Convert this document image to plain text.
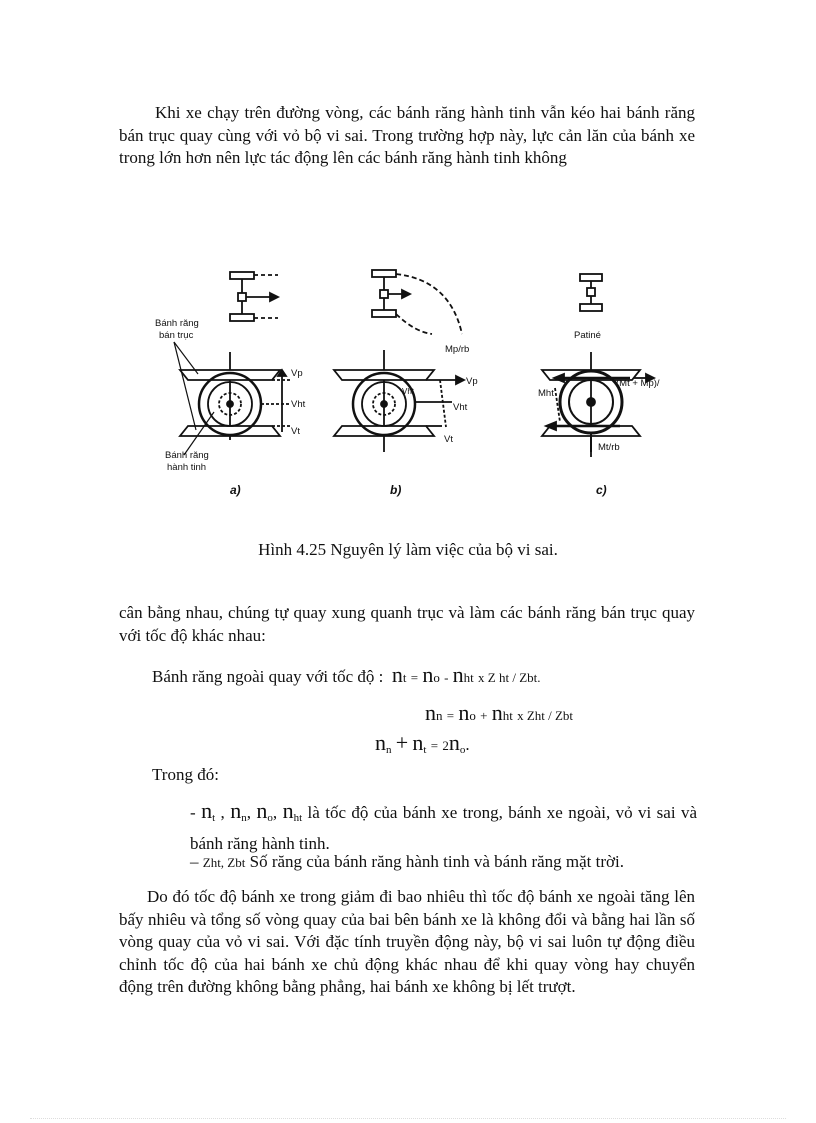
Khi xe chạy trên đường vòng, các bánh răng hành tinh vẫn kéo hai bánh răng bán trục quay cùng với vỏ bộ vi sai. Trong trường hợp này, lực cản lăn của bánh xe trong lớn hơn nên lực tác động lên các bánh răng hành tinh không

Bánh răng
bán trục
Bánh răng
hành tinh
Vp
Vht
Vt
Mp/rb
Vp
Vht
Vht
Vt
Patiné
Mht
(Mt + Mp)/
Mt/rb
a)	b)	c)
Hình 4.25 Nguyên lý làm việc của bộ vi sai.

cân bằng nhau, chúng tự quay xung quanh trục và làm các bánh răng bán trục quay với tốc độ khác nhau:

Bánh răng ngoài quay với tốc độ : nt = no - nht x Z ht / Zbt.
nn = no + nht x Zht / Zbt
$n_n + n_t = 2n_o$.
Trong đó:
- $n_t$ , $n_n$, $n_o$, $n_{ht}$ là tốc độ của bánh xe trong, bánh xe ngoài, vỏ vi sai và bánh răng hành tinh.
– Zht, Zbt Số răng của bánh răng hành tinh và bánh răng mặt trời.

Do đó tốc độ bánh xe trong giảm đi bao nhiêu thì tốc độ bánh xe ngoài tăng lên bấy nhiêu và tổng số vòng quay của bai bên bánh xe là không đổi và bằng hai lần số vòng quay của vỏ vi sai. Với đặc tính truyền động này, bộ vi sai luôn tự động điều chỉnh tốc độ của hai bánh xe chủ động khác nhau để khi quay vòng hay chuyển động trên đường không bằng phẳng, hai bánh xe không bị lết trượt.
